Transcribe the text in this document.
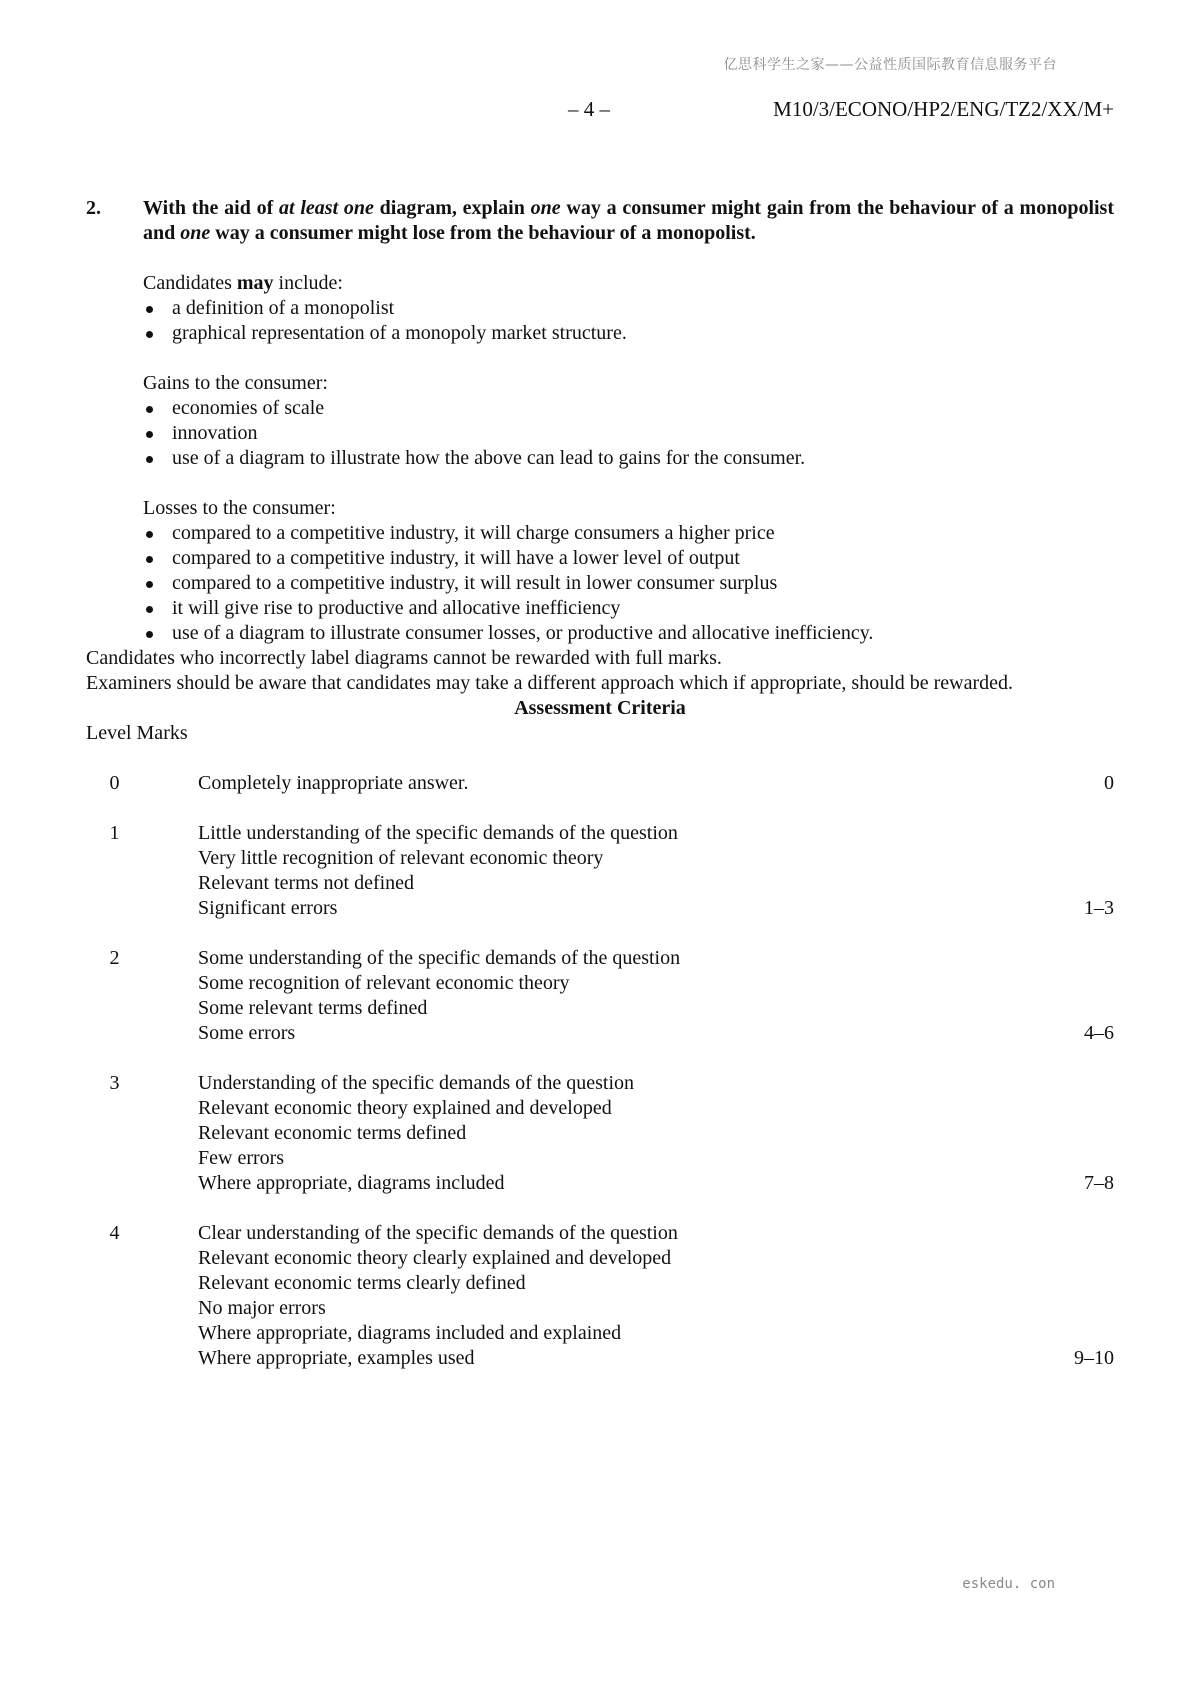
亿思科学生之家——公益性质国际教育信息服务平台
– 4 –	M10/3/ECONO/HP2/ENG/TZ2/XX/M+
2.	With the aid of at least one diagram, explain one way a consumer might gain from the behaviour of a monopolist and one way a consumer might lose from the behaviour of a monopolist.

Candidates may include:

a definition of a monopolist
graphical representation of a monopoly market structure.

Gains to the consumer:

economies of scale
innovation
use of a diagram to illustrate how the above can lead to gains for the consumer.

Losses to the consumer:

compared to a competitive industry, it will charge consumers a higher price
compared to a competitive industry, it will have a lower level of output
compared to a competitive industry, it will result in lower consumer surplus
it will give rise to productive and allocative inefficiency
use of a diagram to illustrate consumer losses, or productive and allocative inefficiency.

Candidates who incorrectly label diagrams cannot be rewarded with full marks.

Examiners should be aware that candidates may take a different approach which if appropriate, should be rewarded.

Assessment Criteria
Level Marks
0	Completely inappropriate answer.	0
1	Little understanding of the specific demands of the question
Very little recognition of relevant economic theory
Relevant terms not defined
Significant errors	1–3
2	Some understanding of the specific demands of the question
Some recognition of relevant economic theory
Some relevant terms defined
Some errors	4–6
3	Understanding of the specific demands of the question
Relevant economic theory explained and developed
Relevant economic terms defined
Few errors
Where appropriate, diagrams included	7–8
4	Clear understanding of the specific demands of the question
Relevant economic theory clearly explained and developed
Relevant economic terms clearly defined
No major errors
Where appropriate, diagrams included and explained
Where appropriate, examples used	9–10
eskedu. con
